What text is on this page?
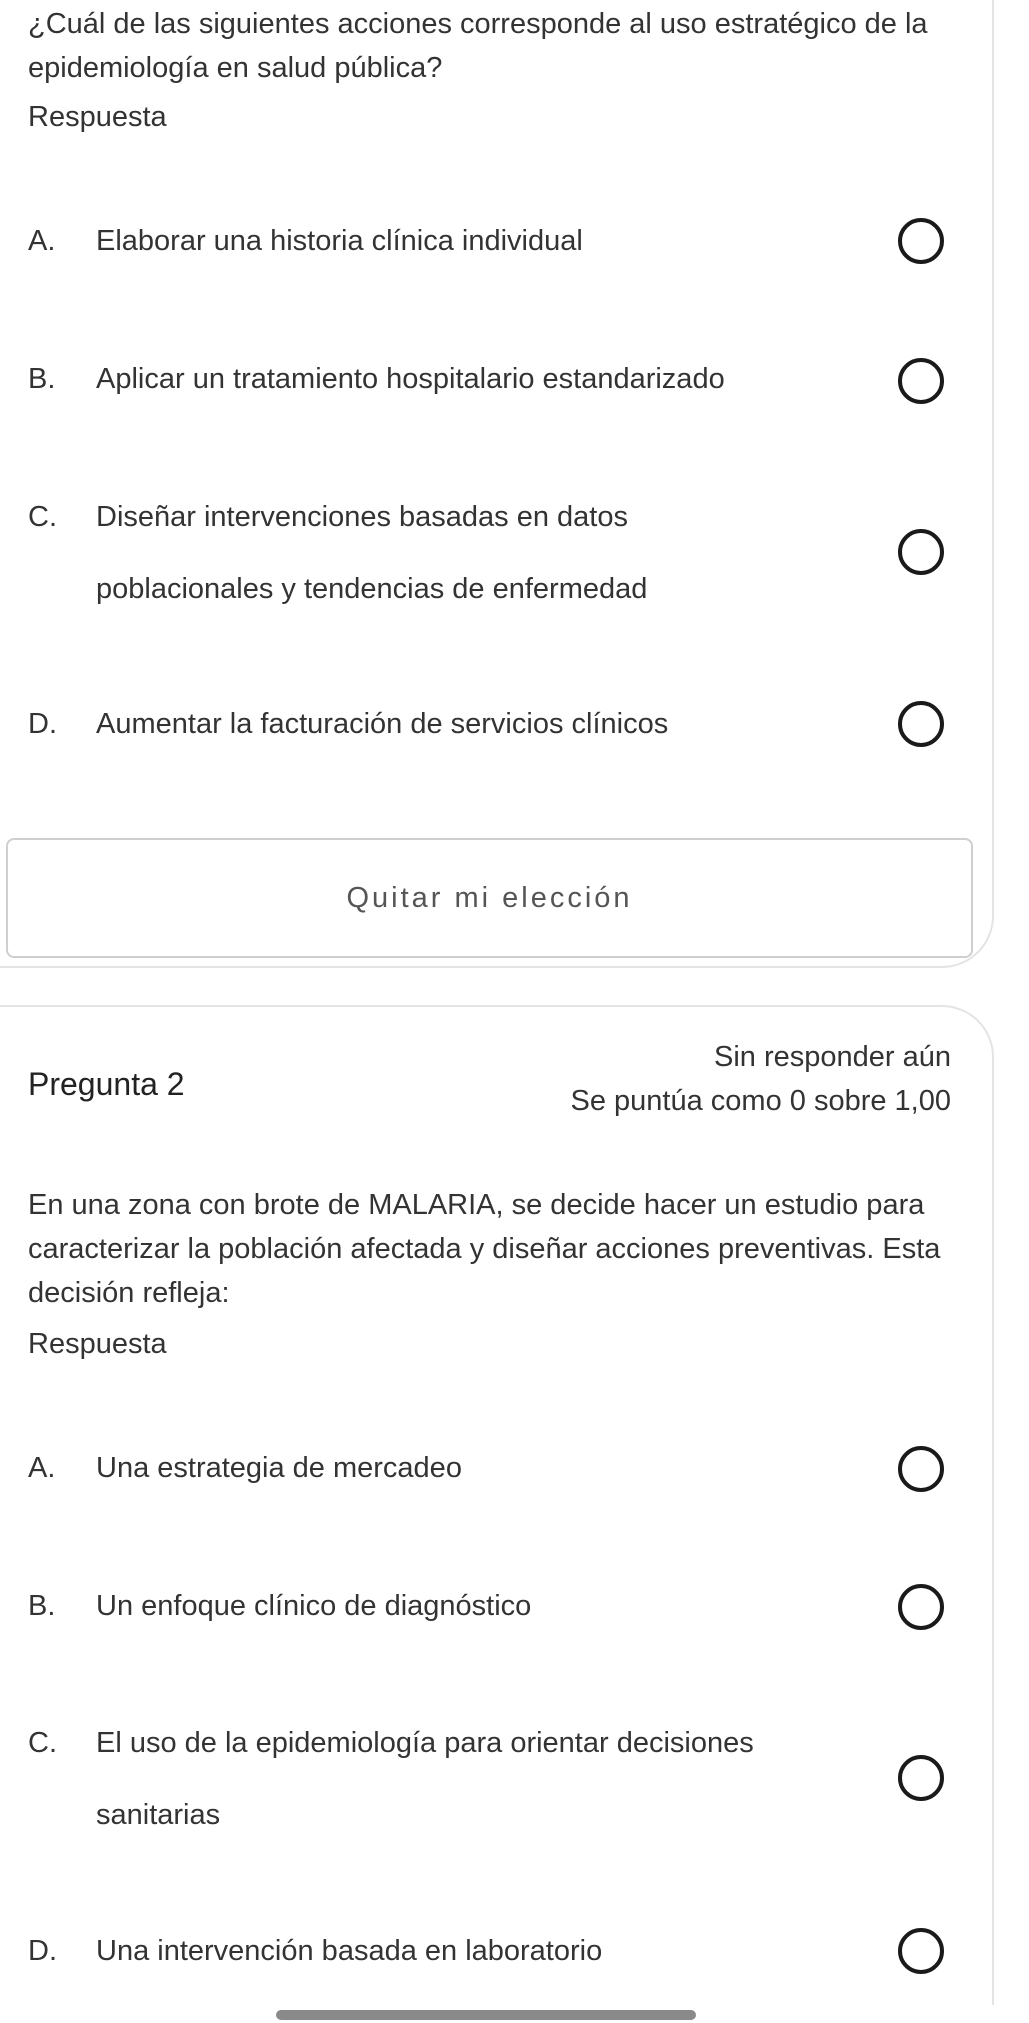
¿Cuál de las siguientes acciones corresponde al uso estratégico de la epidemiología en salud pública?

Respuesta
A. Elaborar una historia clínica individual
B. Aplicar un tratamiento hospitalario estandarizado
C. Diseñar intervenciones basadas en datos
poblacionales y tendencias de enfermedad
D. Aumentar la facturación de servicios clínicos
Quitar mi elección
Pregunta 2
Sin responder aún
Se puntúa como 0 sobre 1,00

En una zona con brote de MALARIA, se decide hacer un estudio para caracterizar la población afectada y diseñar acciones preventivas. Esta decisión refleja:

Respuesta
A. Una estrategia de mercadeo
B. Un enfoque clínico de diagnóstico
C. El uso de la epidemiología para orientar decisiones
sanitarias
D. Una intervención basada en laboratorio
